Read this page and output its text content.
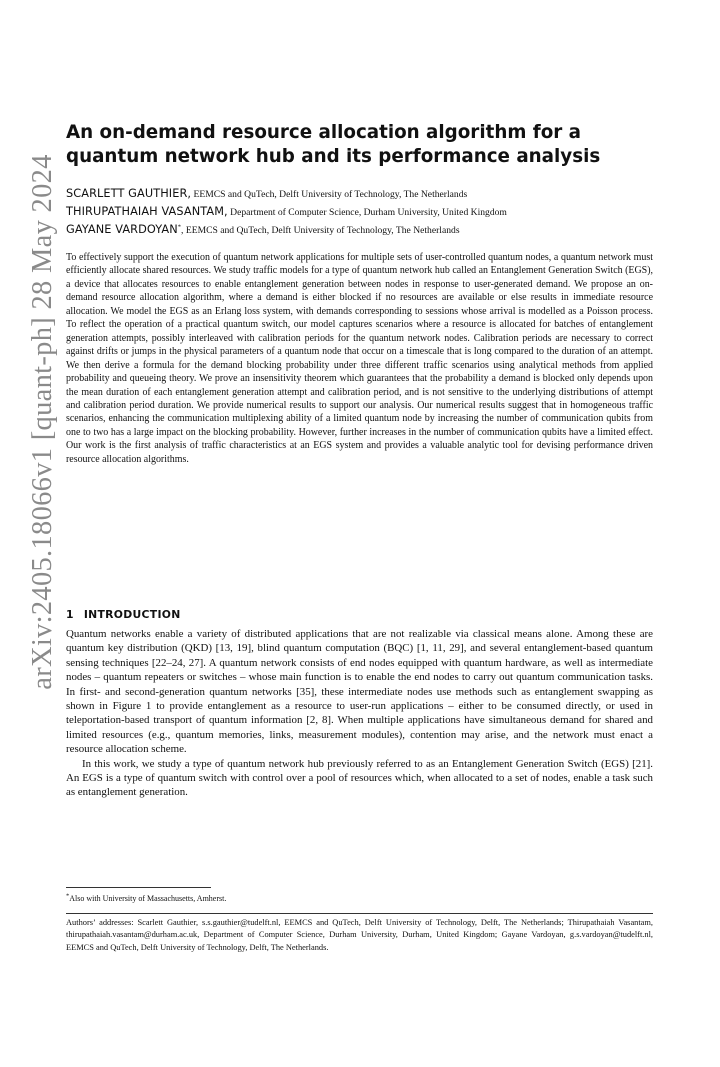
arXiv:2405.18066v1 [quant-ph] 28 May 2024
An on-demand resource allocation algorithm for a quantum network hub and its performance analysis
SCARLETT GAUTHIER, EEMCS and QuTech, Delft University of Technology, The Netherlands
THIRUPATHAIAH VASANTAM, Department of Computer Science, Durham University, United Kingdom
GAYANE VARDOYAN*, EEMCS and QuTech, Delft University of Technology, The Netherlands

To effectively support the execution of quantum network applications for multiple sets of user-controlled quantum nodes, a quantum network must efficiently allocate shared resources. We study traffic models for a type of quantum network hub called an Entanglement Generation Switch (EGS), a device that allocates resources to enable entanglement generation between nodes in response to user-generated demand. We propose an on-demand resource allocation algorithm, where a demand is either blocked if no resources are available or else results in immediate resource allocation. We model the EGS as an Erlang loss system, with demands corresponding to sessions whose arrival is modelled as a Poisson process. To reflect the operation of a practical quantum switch, our model captures scenarios where a resource is allocated for batches of entanglement generation attempts, possibly interleaved with calibration periods for the quantum network nodes. Calibration periods are necessary to correct against drifts or jumps in the physical parameters of a quantum node that occur on a timescale that is long compared to the duration of an attempt. We then derive a formula for the demand blocking probability under three different traffic scenarios using analytical methods from applied probability and queueing theory. We prove an insensitivity theorem which guarantees that the probability a demand is blocked only depends upon the mean duration of each entanglement generation attempt and calibration period, and is not sensitive to the underlying distributions of attempt and calibration period duration. We provide numerical results to support our analysis. Our numerical results suggest that in homogeneous traffic scenarios, enhancing the communication multiplexing ability of a limited quantum node by increasing the number of communication qubits from one to two has a large impact on the blocking probability. However, further increases in the number of communication qubits have a limited effect. Our work is the first analysis of traffic characteristics at an EGS system and provides a valuable analytic tool for devising performance driven resource allocation algorithms.

1 INTRODUCTION

Quantum networks enable a variety of distributed applications that are not realizable via classical means alone. Among these are quantum key distribution (QKD) [13, 19], blind quantum computation (BQC) [1, 11, 29], and several entanglement-based quantum sensing techniques [22–24, 27]. A quantum network consists of end nodes equipped with quantum hardware, as well as intermediate nodes – quantum repeaters or switches – whose main function is to enable the end nodes to carry out quantum communication tasks. In first- and second-generation quantum networks [35], these intermediate nodes use methods such as entanglement swapping as shown in Figure 1 to provide entanglement as a resource to user-run applications – either to be consumed directly, or used in teleportation-based transport of quantum information [2, 8]. When multiple applications have simultaneous demand for shared and limited resources (e.g., quantum memories, links, measurement modules), contention may arise, and the network must enact a resource allocation scheme.

In this work, we study a type of quantum network hub previously referred to as an Entanglement Generation Switch (EGS) [21]. An EGS is a type of quantum switch with control over a pool of resources which, when allocated to a set of nodes, enable a task such as entanglement generation.

*Also with University of Massachusetts, Amherst.

Authors’ addresses: Scarlett Gauthier, s.s.gauthier@tudelft.nl, EEMCS and QuTech, Delft University of Technology, Delft, The Netherlands; Thirupathaiah Vasantam, thirupathaiah.vasantam@durham.ac.uk, Department of Computer Science, Durham University, Durham, United Kingdom; Gayane Vardoyan, g.s.vardoyan@tudelft.nl, EEMCS and QuTech, Delft University of Technology, Delft, The Netherlands.
